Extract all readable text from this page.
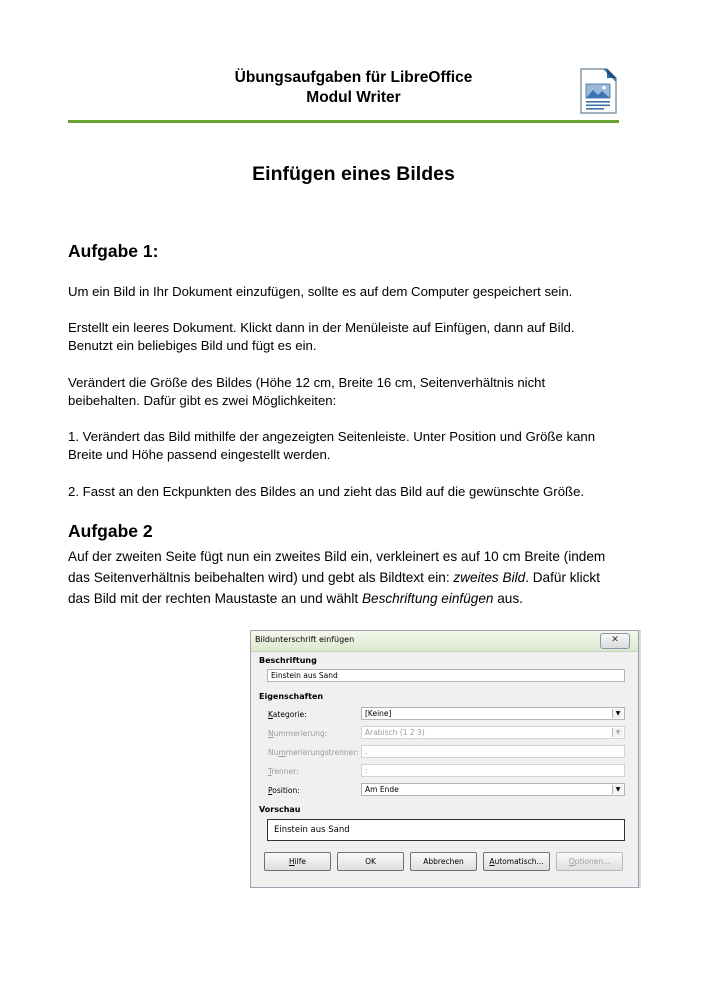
Übungsaufgaben für LibreOffice
Modul Writer
Einfügen eines Bildes
Aufgabe 1:
Um ein Bild in Ihr Dokument einzufügen, sollte es auf dem Computer gespeichert sein.
Erstellt ein leeres Dokument. Klickt dann in der Menüleiste auf Einfügen, dann auf Bild.
Benutzt ein beliebiges Bild und fügt es ein.
Verändert die Größe des Bildes (Höhe 12 cm, Breite 16 cm, Seitenverhältnis nicht
beibehalten. Dafür gibt es zwei Möglichkeiten:
1. Verändert das Bild mithilfe der angezeigten Seitenleiste. Unter Position und Größe kann
Breite und Höhe passend eingestellt werden.
2. Fasst an den Eckpunkten des Bildes an und zieht das Bild auf die gewünschte Größe.
Aufgabe 2
Auf der zweiten Seite fügt nun ein zweites Bild ein, verkleinert es auf 10 cm Breite (indem
das Seitenverhältnis beibehalten wird) und gebt als Bildtext ein: zweites Bild. Dafür klickt
das Bild mit der rechten Maustaste an und wählt Beschriftung einfügen aus.
Bildunterschrift einfügen	✕
Beschriftung
Einstein aus Sand
Eigenschaften
Kategorie:	[Keine]	▼
Nummerierung:	Arabisch (1 2 3)	▼
Nummerierungstrenner: .
Trenner:	:
Position:	Am Ende	▼
Vorschau
Einstein aus Sand
Hilfe	OK	Abbrechen	Automatisch...	Optionen...
